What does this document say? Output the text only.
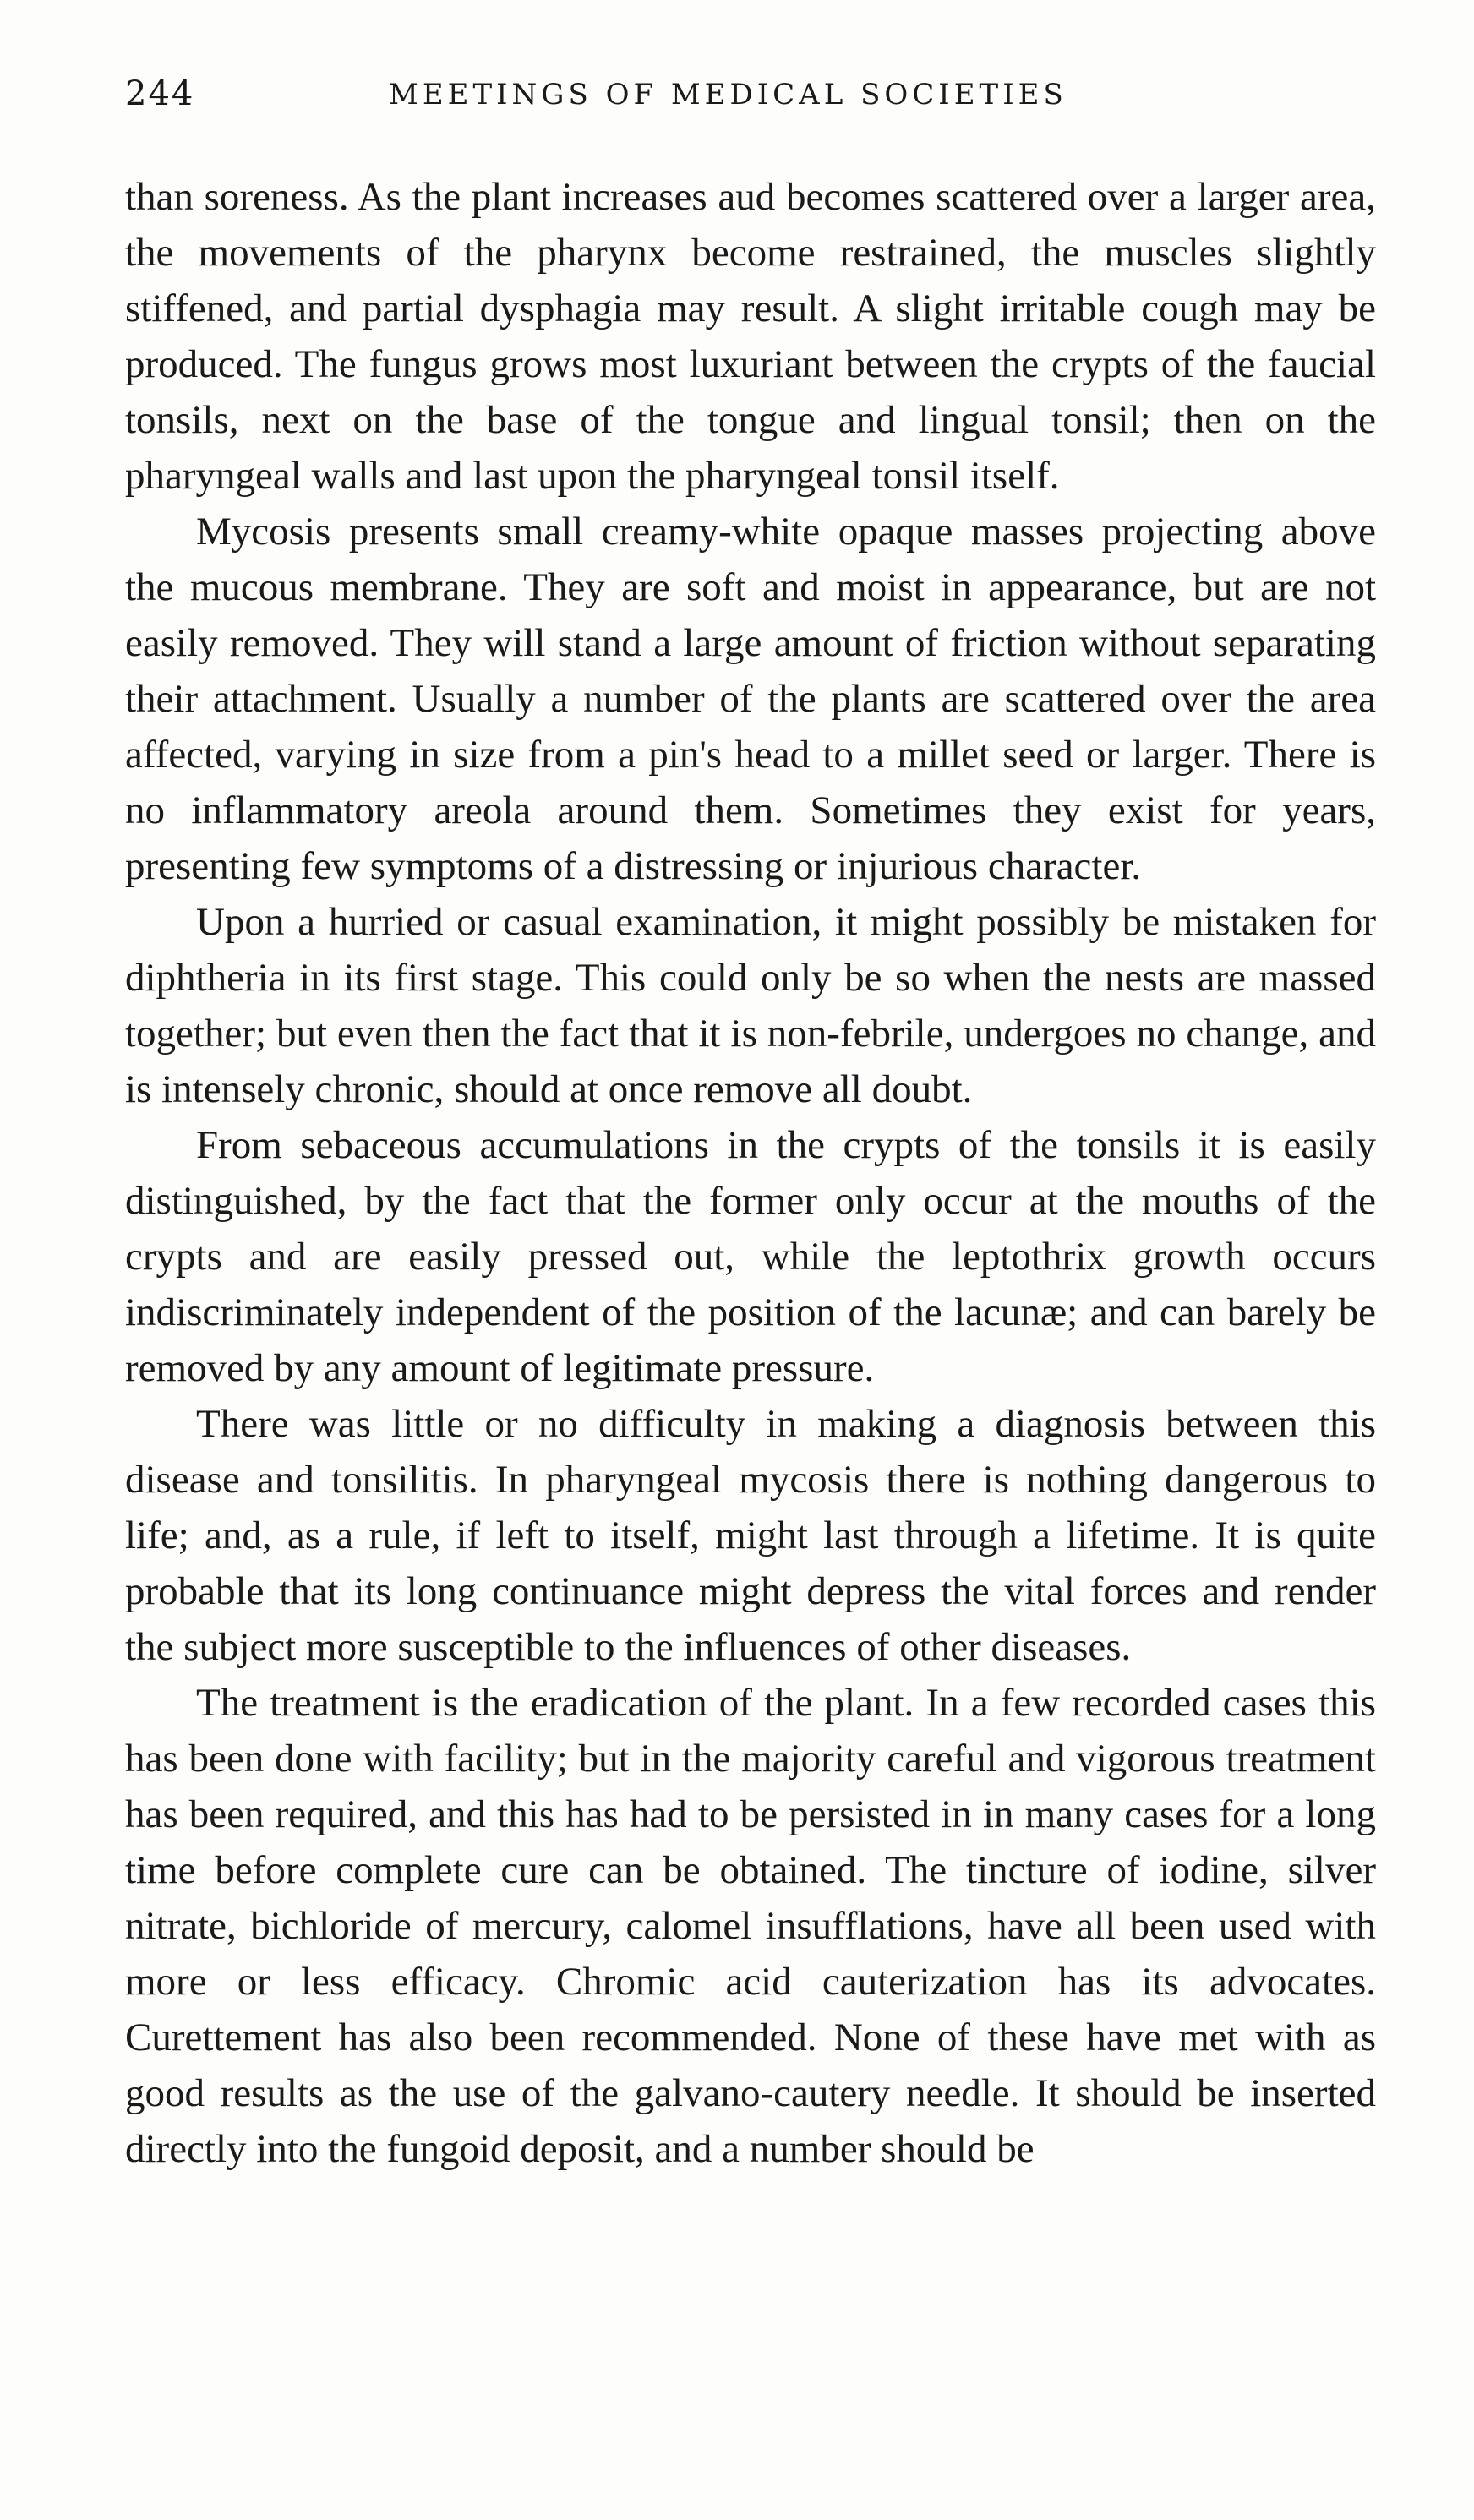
244	MEETINGS OF MEDICAL SOCIETIES

than soreness. As the plant increases aud becomes scattered over a larger area, the movements of the pharynx become restrained, the muscles slightly stiffened, and partial dysphagia may result. A slight irritable cough may be produced. The fungus grows most luxuriant between the crypts of the faucial tonsils, next on the base of the tongue and lingual tonsil; then on the pharyngeal walls and last upon the pharyngeal tonsil itself.

Mycosis presents small creamy-white opaque masses projecting above the mucous membrane. They are soft and moist in appearance, but are not easily removed. They will stand a large amount of friction without separating their attachment. Usually a number of the plants are scattered over the area affected, varying in size from a pin's head to a millet seed or larger. There is no inflammatory areola around them. Sometimes they exist for years, presenting few symptoms of a distressing or injurious character.

Upon a hurried or casual examination, it might possibly be mistaken for diphtheria in its first stage. This could only be so when the nests are massed together; but even then the fact that it is non-febrile, undergoes no change, and is intensely chronic, should at once remove all doubt.

From sebaceous accumulations in the crypts of the tonsils it is easily distinguished, by the fact that the former only occur at the mouths of the crypts and are easily pressed out, while the leptothrix growth occurs indiscriminately independent of the position of the lacunæ; and can barely be removed by any amount of legitimate pressure.

There was little or no difficulty in making a diagnosis between this disease and tonsilitis. In pharyngeal mycosis there is nothing dangerous to life; and, as a rule, if left to itself, might last through a lifetime. It is quite probable that its long continuance might depress the vital forces and render the subject more susceptible to the influences of other diseases.

The treatment is the eradication of the plant. In a few recorded cases this has been done with facility; but in the majority careful and vigorous treatment has been required, and this has had to be persisted in in many cases for a long time before complete cure can be obtained. The tincture of iodine, silver nitrate, bichloride of mercury, calomel insufflations, have all been used with more or less efficacy. Chromic acid cauterization has its advocates. Curettement has also been recommended. None of these have met with as good results as the use of the galvano-cautery needle. It should be inserted directly into the fungoid deposit, and a number should be
